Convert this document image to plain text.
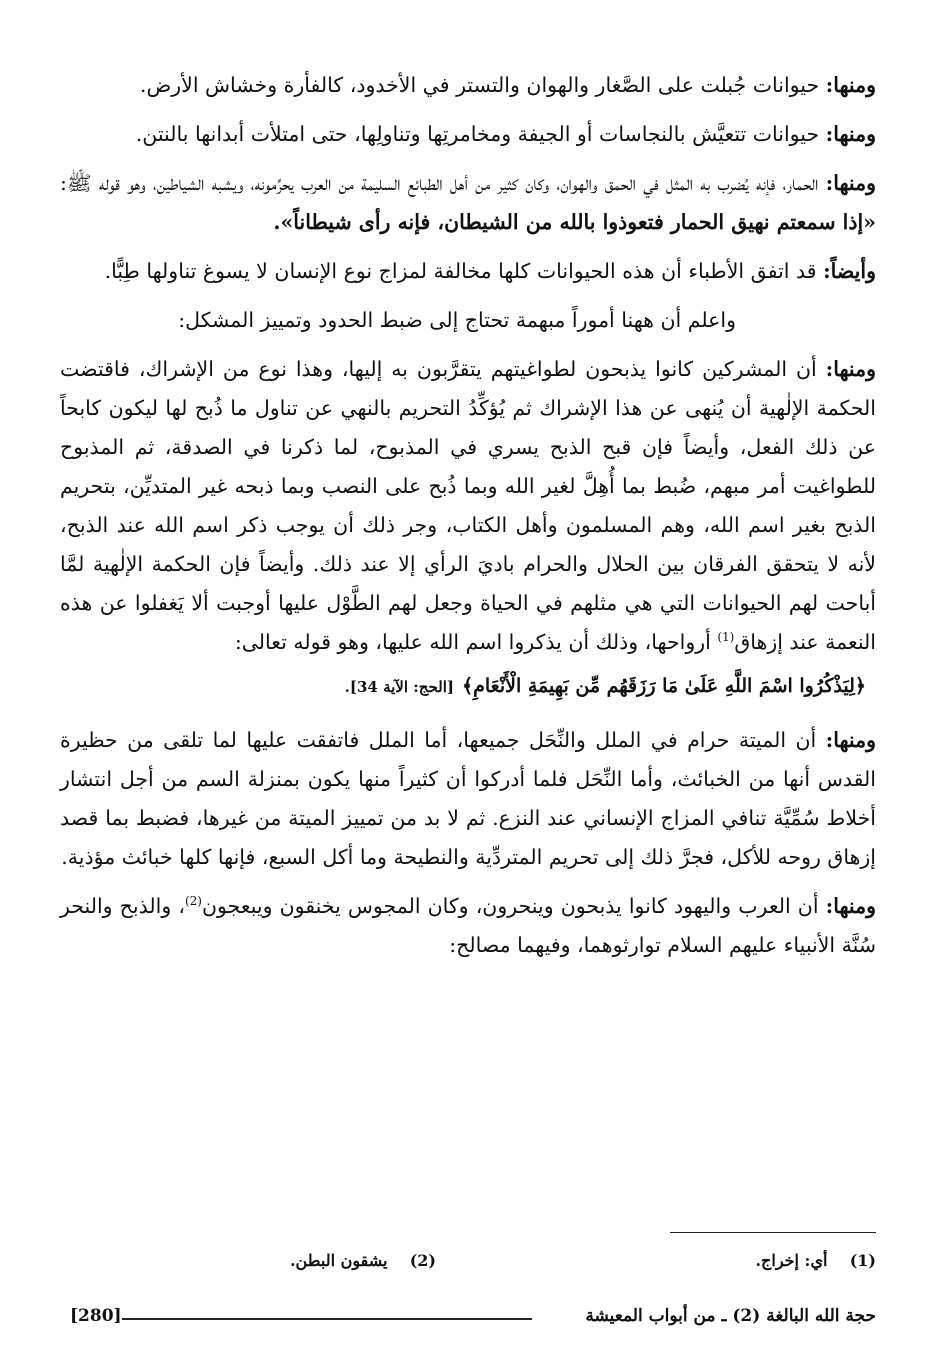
ومنها: حيوانات جُبلت على الصَّغار والهوان والتستر في الأخدود، كالفأرة وخشاش الأرض.

ومنها: حيوانات تتعيَّش بالنجاسات أو الجيفة ومخامرتِها وتناولِها، حتى امتلأت أبدانها بالنتن.

ومنها: الحمار، فإنه يُضرب به المثل في الحمق والهوان، وكان كثير من أهل الطبائع السليمة من العرب يحرِّمونه، ويشبه الشياطين، وهو قوله ﷺ: «إذا سمعتم نهيق الحمار فتعوذوا بالله من الشيطان، فإنه رأى شيطاناً».

وأيضاً: قد اتفق الأطباء أن هذه الحيوانات كلها مخالفة لمزاج نوع الإنسان لا يسوغ تناولها طِبًّا.

واعلم أن ههنا أموراً مبهمة تحتاج إلى ضبط الحدود وتمييز المشكل:

ومنها: أن المشركين كانوا يذبحون لطواغيتهم يتقرَّبون به إليها، وهذا نوع من الإشراك، فاقتضت الحكمة الإلٰهية أن يُنهى عن هذا الإشراك ثم يُؤكِّدُ التحريم بالنهي عن تناول ما ذُبح لها ليكون كابحاً عن ذلك الفعل، وأيضاً فإن قبح الذبح يسري في المذبوح، لما ذكرنا في الصدقة، ثم المذبوح للطواغيت أمر مبهم، ضُبط بما أُهِلَّ لغير الله وبما ذُبح على النصب وبما ذبحه غير المتديِّن، بتحريم الذبح بغير اسم الله، وهم المسلمون وأهل الكتاب، وجر ذلك أن يوجب ذكر اسم الله عند الذبح، لأنه لا يتحقق الفرقان بين الحلال والحرام باديَ الرأي إلا عند ذلك. وأيضاً فإن الحكمة الإلٰهية لمَّا أباحت لهم الحيوانات التي هي مثلهم في الحياة وجعل لهم الطَّوْل عليها أوجبت ألا يَغفلوا عن هذه النعمة عند إزهاق$^{(1)}$ أرواحها، وذلك أن يذكروا اسم الله عليها، وهو قوله تعالى:

﴿لِيَذْكُرُوا اسْمَ اللَّهِ عَلَىٰ مَا رَزَقَهُم مِّن بَهِيمَةِ الْأَنْعَامِ﴾[الحج: الآية 34].

ومنها: أن الميتة حرام في الملل والنِّحَل جميعها، أما الملل فاتفقت عليها لما تلقى من حظيرة القدس أنها من الخبائث، وأما النِّحَل فلما أدركوا أن كثيراً منها يكون بمنزلة السم من أجل انتشار أخلاط سُمِّيَّة تنافي المزاج الإنساني عند النزع. ثم لا بد من تمييز الميتة من غيرها، فضبط بما قصد إزهاق روحه للأكل، فجرَّ ذلك إلى تحريم المتردِّية والنطيحة وما أكل السبع، فإنها كلها خبائث مؤذية.

ومنها: أن العرب واليهود كانوا يذبحون وينحرون، وكان المجوس يخنقون ويبعجون$^{(2)}$، والذبح والنحر سُنَّة الأنبياء عليهم السلام توارثوهما، وفيهما مصالح:

(1)    أي: إخراج.
(2)    يشقون البطن.
حجة الله البالغة (2) ـ من أبواب المعيشة
[280]
